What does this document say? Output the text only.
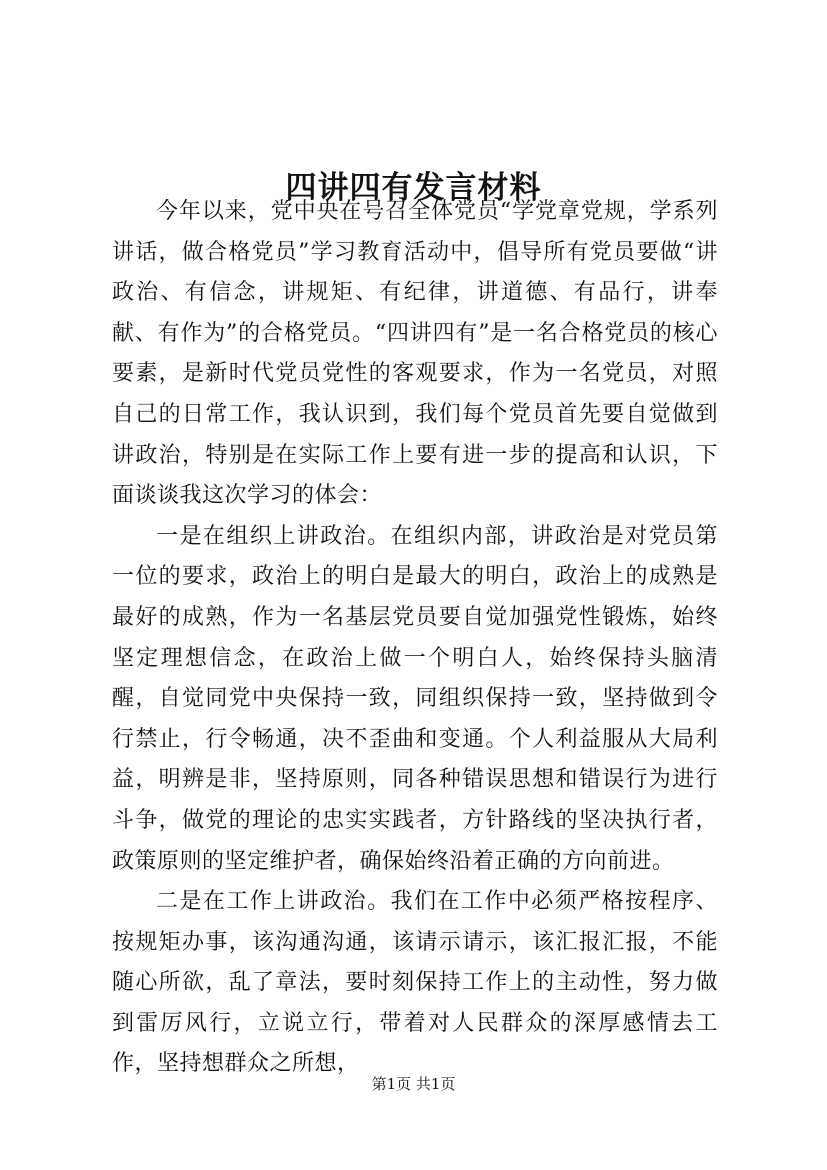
四讲四有发言材料

今年以来，党中央在号召全体党员“学党章党规，学系列讲话，做合格党员”学习教育活动中，倡导所有党员要做“讲政治、有信念，讲规矩、有纪律，讲道德、有品行，讲奉献、有作为”的合格党员。“四讲四有”是一名合格党员的核心要素，是新时代党员党性的客观要求，作为一名党员，对照自己的日常工作，我认识到，我们每个党员首先要自觉做到讲政治，特别是在实际工作上要有进一步的提高和认识，下面谈谈我这次学习的体会：

一是在组织上讲政治。在组织内部，讲政治是对党员第一位的要求，政治上的明白是最大的明白，政治上的成熟是最好的成熟，作为一名基层党员要自觉加强党性锻炼，始终坚定理想信念，在政治上做一个明白人，始终保持头脑清醒，自觉同党中央保持一致，同组织保持一致，坚持做到令行禁止，行令畅通，决不歪曲和变通。个人利益服从大局利益，明辨是非，坚持原则，同各种错误思想和错误行为进行斗争，做党的理论的忠实实践者，方针路线的坚决执行者，政策原则的坚定维护者，确保始终沿着正确的方向前进。

二是在工作上讲政治。我们在工作中必须严格按程序、按规矩办事，该沟通沟通，该请示请示，该汇报汇报，不能随心所欲，乱了章法，要时刻保持工作上的主动性，努力做到雷厉风行，立说立行，带着对人民群众的深厚感情去工作，坚持想群众之所想，

第1页 共1页
